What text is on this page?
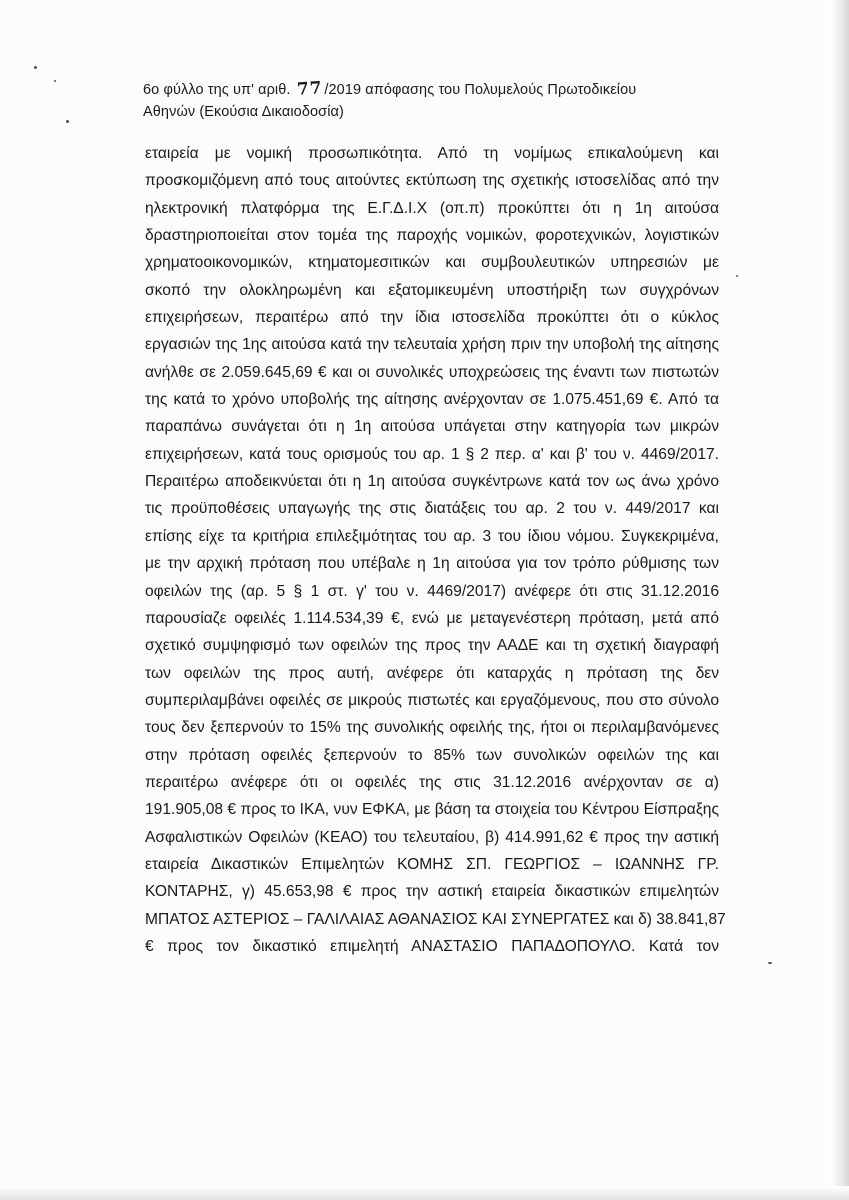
6ο φύλλο της υπ' αριθ. 77/2019 απόφασης του Πολυμελούς Πρωτοδικείου
Αθηνών (Εκούσια Δικαιοδοσία)
εταιρεία με νομική προσωπικότητα. Από τη νομίμως επικαλούμενη και
προσκομιζόμενη από τους αιτούντες εκτύπωση της σχετικής ιστοσελίδας από την
ηλεκτρονική πλατφόρμα της Ε.Γ.Δ.Ι.Χ (οπ.π) προκύπτει ότι η 1η αιτούσα
δραστηριοποιείται στον τομέα της παροχής νομικών, φοροτεχνικών, λογιστικών
χρηματοοικονομικών, κτηματομεσιτικών και συμβουλευτικών υπηρεσιών με
σκοπό την ολοκληρωμένη και εξατομικευμένη υποστήριξη των συγχρόνων
επιχειρήσεων, περαιτέρω από την ίδια ιστοσελίδα προκύπτει ότι ο κύκλος
εργασιών της 1ης αιτούσα κατά την τελευταία χρήση πριν την υποβολή της αίτησης
ανήλθε σε 2.059.645,69 € και οι συνολικές υποχρεώσεις της έναντι των πιστωτών
της κατά το χρόνο υποβολής της αίτησης ανέρχονταν σε 1.075.451,69 €. Από τα
παραπάνω συνάγεται ότι η 1η αιτούσα υπάγεται στην κατηγορία των μικρών
επιχειρήσεων, κατά τους ορισμούς του αρ. 1 § 2 περ. α' και β' του ν. 4469/2017.
Περαιτέρω αποδεικνύεται ότι η 1η αιτούσα συγκέντρωνε κατά τον ως άνω χρόνο
τις προϋποθέσεις υπαγωγής της στις διατάξεις του αρ. 2 του ν. 449/2017 και
επίσης είχε τα κριτήρια επιλεξιμότητας του αρ. 3 του ίδιου νόμου. Συγκεκριμένα,
με την αρχική πρόταση που υπέβαλε η 1η αιτούσα για τον τρόπο ρύθμισης των
οφειλών της (αρ. 5 § 1 στ. γ' του ν. 4469/2017) ανέφερε ότι στις 31.12.2016
παρουσίαζε οφειλές 1.114.534,39 €, ενώ με μεταγενέστερη πρόταση, μετά από
σχετικό συμψηφισμό των οφειλών της προς την ΑΑΔΕ και τη σχετική διαγραφή
των οφειλών της προς αυτή, ανέφερε ότι καταρχάς η πρόταση της δεν
συμπεριλαμβάνει οφειλές σε μικρούς πιστωτές και εργαζόμενους, που στο σύνολο
τους δεν ξεπερνούν το 15% της συνολικής οφειλής της, ήτοι οι περιλαμβανόμενες
στην πρόταση οφειλές ξεπερνούν το 85% των συνολικών οφειλών της και
περαιτέρω ανέφερε ότι οι οφειλές της στις 31.12.2016 ανέρχονταν σε α)
191.905,08 € προς το ΙΚΑ, νυν ΕΦΚΑ, με βάση τα στοιχεία του Κέντρου Είσπραξης
Ασφαλιστικών Οφειλών (ΚΕΑΟ) του τελευταίου, β) 414.991,62 € προς την αστική
εταιρεία Δικαστικών Επιμελητών ΚΟΜΗΣ ΣΠ. ΓΕΩΡΓΙΟΣ – ΙΩΑΝΝΗΣ ΓΡ.
ΚΟΝΤΑΡΗΣ, γ) 45.653,98 € προς την αστική εταιρεία δικαστικών επιμελητών
ΜΠΑΤΟΣ ΑΣΤΕΡΙΟΣ – ΓΑΛΙΛΑΙΑΣ ΑΘΑΝΑΣΙΟΣ ΚΑΙ ΣΥΝΕΡΓΑΤΕΣ και δ) 38.841,87
€ προς τον δικαστικό επιμελητή ΑΝΑΣΤΑΣΙΟ ΠΑΠΑΔΟΠΟΥΛΟ. Κατά τον
